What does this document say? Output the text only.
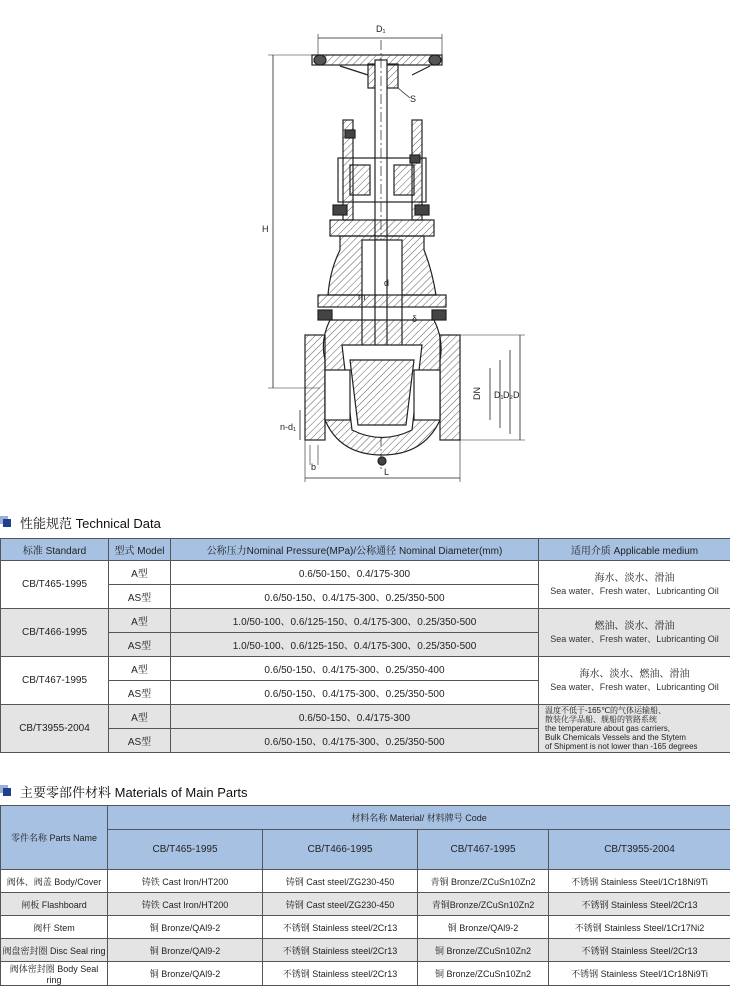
D₁
S
H
d
m
δ
DN D₁ D₂ D
n-d₁
b	L
性能规范 Technical Data
标准 Standard	型式 Model	公称压力Nominal Pressure(MPa)/公称通径 Nominal Diameter(mm)	适用介质 Applicable medium
CB/T465-1995	A型	0.6/50-150、0.4/175-300	海水、淡水、滑油
Sea water、Fresh water、Lubricanting Oil

	AS型	0.6/50-150、0.4/175-300、0.25/350-500	
CB/T466-1995	A型	1.0/50-100、0.6/125-150、0.4/175-300、0.25/350-500	燃油、淡水、滑油
Sea water、Fresh water、Lubricanting Oil

	AS型	1.0/50-100、0.6/125-150、0.4/175-300、0.25/350-500	
CB/T467-1995	A型	0.6/50-150、0.4/175-300、0.25/350-400	海水、淡水、燃油、滑油
Sea water、Fresh water、Lubricanting Oil

	AS型	0.6/50-150、0.4/175-300、0.25/350-500	
CB/T3955-2004	A型	0.6/50-150、0.4/175-300	温度不低于-165℃的气体运输船、
散装化学品船、舰船的管路系统
the temperature about gas carriers,
Bulk Chemicals Vessels and the Stytem
of Shipment is not lower than -165 degrees

	AS型	0.6/50-150、0.4/175-300、0.25/350-500	
主要零部件材料 Materials of Main Parts
零件名称 Parts Name	材料名称 Material/ 材料牌号 Code			
	CB/T465-1995	CB/T466-1995	CB/T467-1995	CB/T3955-2004
阀体、阀盖 Body/Cover	铸铁 Cast Iron/HT200	铸钢 Cast steel/ZG230-450	青铜 Bronze/ZCuSn10Zn2	不锈钢 Stainless Steel/1Cr18Ni9Ti
闸板 Flashboard	铸铁 Cast Iron/HT200	铸钢 Cast steel/ZG230-450	青铜Bronze/ZCuSn10Zn2	不锈钢 Stainless Steel/2Cr13
阀杆 Stem	铜 Bronze/QAl9-2	不锈钢 Stainless steel/2Cr13	铜 Bronze/QAl9-2	不锈钢 Stainless Steel/1Cr17Ni2
阀盘密封圈 Disc Seal ring	铜 Bronze/QAl9-2	不锈钢 Stainless steel/2Cr13	铜 Bronze/ZCuSn10Zn2	不锈钢 Stainless Steel/2Cr13
阀体密封圈 Body Seal ring	铜 Bronze/QAl9-2	不锈钢 Stainless steel/2Cr13	铜 Bronze/ZCuSn10Zn2	不锈钢 Stainless Steel/1Cr18Ni9Ti
